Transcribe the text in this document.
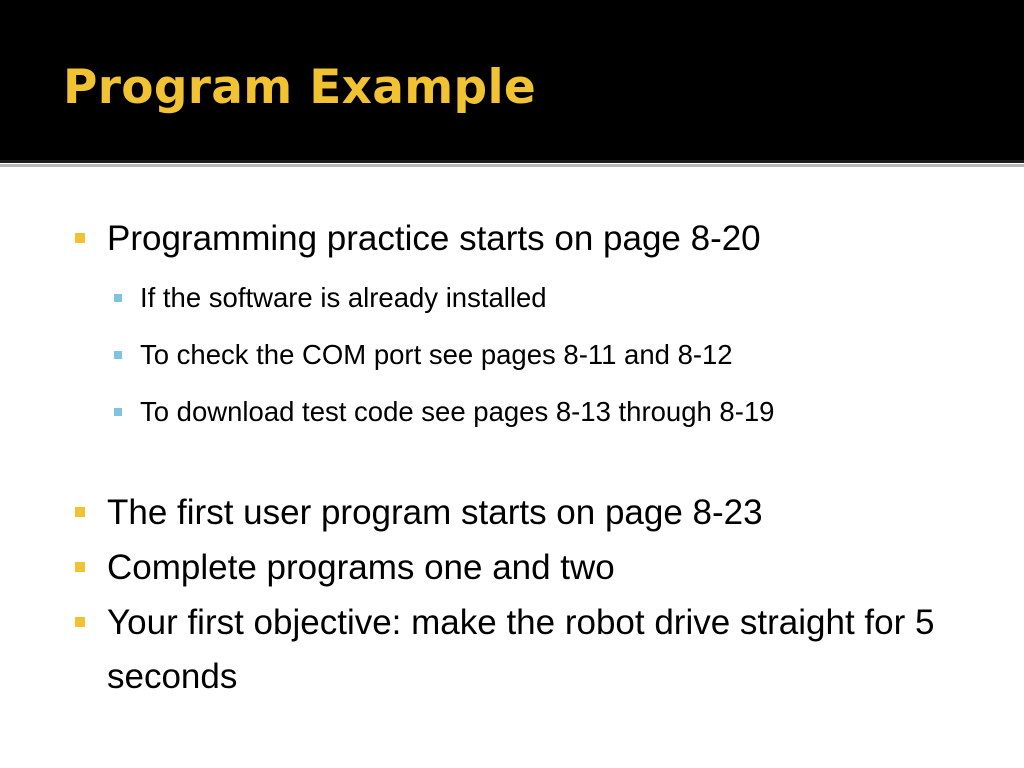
Program Example
Programming practice starts on page 8-20
If the software is already installed
To check the COM port see pages 8-11 and 8-12
To download test code see pages 8-13 through 8-19
The first user program starts on page 8-23
Complete programs one and two
Your first objective: make the robot drive straight for 5 seconds
